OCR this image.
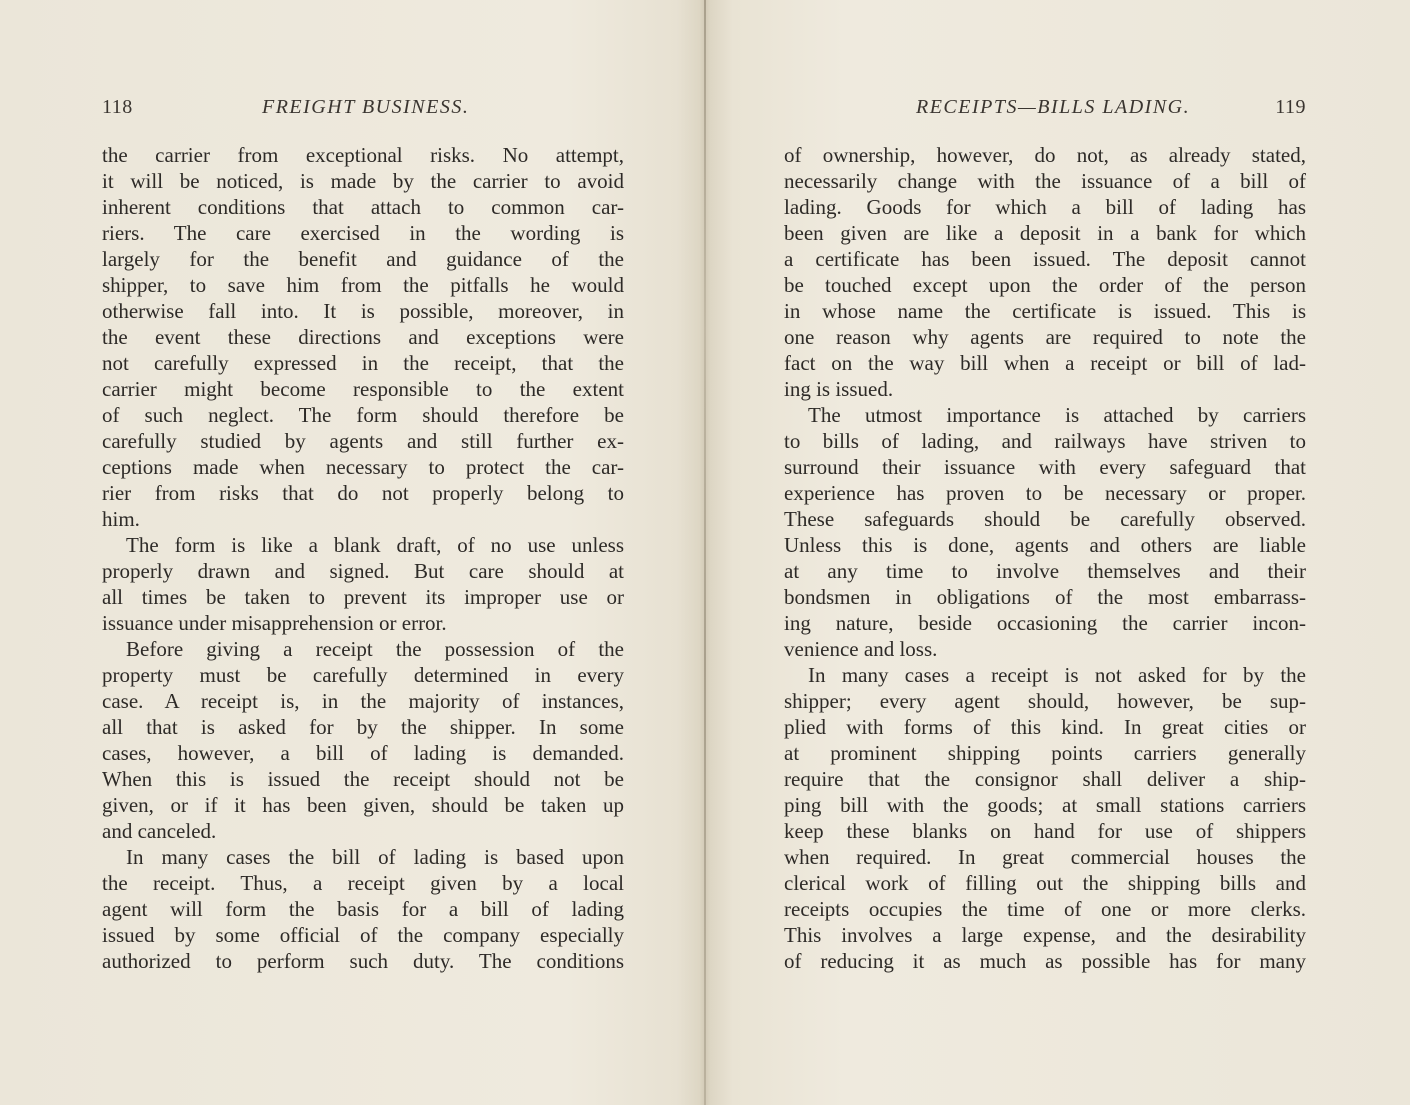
118	FREIGHT BUSINESS.
the carrier from exceptional risks. No attempt,
it will be noticed, is made by the carrier to avoid
inherent conditions that attach to common car-
riers. The care exercised in the wording is
largely for the benefit and guidance of the
shipper, to save him from the pitfalls he would
otherwise fall into. It is possible, moreover, in
the event these directions and exceptions were
not carefully expressed in the receipt, that the
carrier might become responsible to the extent
of such neglect. The form should therefore be
carefully studied by agents and still further ex-
ceptions made when necessary to protect the car-
rier from risks that do not properly belong to
him.
The form is like a blank draft, of no use unless
properly drawn and signed. But care should at
all times be taken to prevent its improper use or
issuance under misapprehension or error.
Before giving a receipt the possession of the
property must be carefully determined in every
case. A receipt is, in the majority of instances,
all that is asked for by the shipper. In some
cases, however, a bill of lading is demanded.
When this is issued the receipt should not be
given, or if it has been given, should be taken up
and canceled.
In many cases the bill of lading is based upon
the receipt. Thus, a receipt given by a local
agent will form the basis for a bill of lading
issued by some official of the company especially
authorized to perform such duty. The conditions
RECEIPTS—BILLS LADING.	119
of ownership, however, do not, as already stated,
necessarily change with the issuance of a bill of
lading. Goods for which a bill of lading has
been given are like a deposit in a bank for which
a certificate has been issued. The deposit cannot
be touched except upon the order of the person
in whose name the certificate is issued. This is
one reason why agents are required to note the
fact on the way bill when a receipt or bill of lad-
ing is issued.
The utmost importance is attached by carriers
to bills of lading, and railways have striven to
surround their issuance with every safeguard that
experience has proven to be necessary or proper.
These safeguards should be carefully observed.
Unless this is done, agents and others are liable
at any time to involve themselves and their
bondsmen in obligations of the most embarrass-
ing nature, beside occasioning the carrier incon-
venience and loss.
In many cases a receipt is not asked for by the
shipper; every agent should, however, be sup-
plied with forms of this kind. In great cities or
at prominent shipping points carriers generally
require that the consignor shall deliver a ship-
ping bill with the goods; at small stations carriers
keep these blanks on hand for use of shippers
when required. In great commercial houses the
clerical work of filling out the shipping bills and
receipts occupies the time of one or more clerks.
This involves a large expense, and the desirability
of reducing it as much as possible has for many
